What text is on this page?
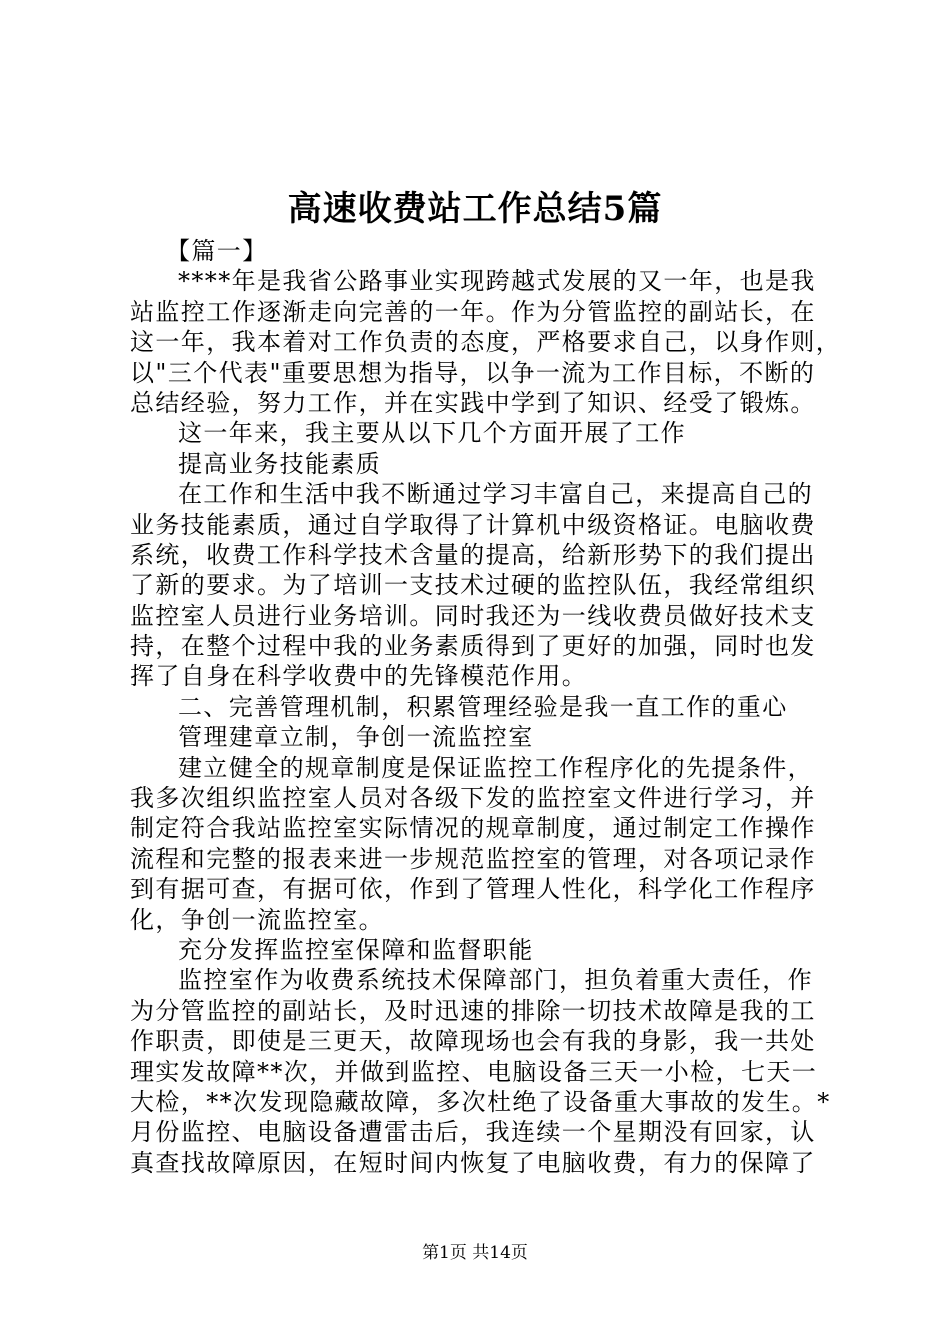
高速收费站工作总结5篇
【篇一】
****年是我省公路事业实现跨越式发展的又一年，也是我
站监控工作逐渐走向完善的一年。作为分管监控的副站长，在
这一年，我本着对工作负责的态度，严格要求自己，以身作则，
以"三个代表"重要思想为指导，以争一流为工作目标，不断的
总结经验，努力工作，并在实践中学到了知识、经受了锻炼。
这一年来，我主要从以下几个方面开展了工作
提高业务技能素质
在工作和生活中我不断通过学习丰富自己，来提高自己的
业务技能素质，通过自学取得了计算机中级资格证。电脑收费
系统，收费工作科学技术含量的提高，给新形势下的我们提出
了新的要求。为了培训一支技术过硬的监控队伍，我经常组织
监控室人员进行业务培训。同时我还为一线收费员做好技术支
持，在整个过程中我的业务素质得到了更好的加强，同时也发
挥了自身在科学收费中的先锋模范作用。
二、完善管理机制，积累管理经验是我一直工作的重心
管理建章立制，争创一流监控室
建立健全的规章制度是保证监控工作程序化的先提条件，
我多次组织监控室人员对各级下发的监控室文件进行学习，并
制定符合我站监控室实际情况的规章制度，通过制定工作操作
流程和完整的报表来进一步规范监控室的管理，对各项记录作
到有据可查，有据可依，作到了管理人性化，科学化工作程序
化，争创一流监控室。
充分发挥监控室保障和监督职能
监控室作为收费系统技术保障部门，担负着重大责任，作
为分管监控的副站长，及时迅速的排除一切技术故障是我的工
作职责，即使是三更天，故障现场也会有我的身影，我一共处
理实发故障**次，并做到监控、电脑设备三天一小检，七天一
大检，**次发现隐藏故障，多次杜绝了设备重大事故的发生。*
月份监控、电脑设备遭雷击后，我连续一个星期没有回家，认
真查找故障原因，在短时间内恢复了电脑收费，有力的保障了
第1页 共14页
